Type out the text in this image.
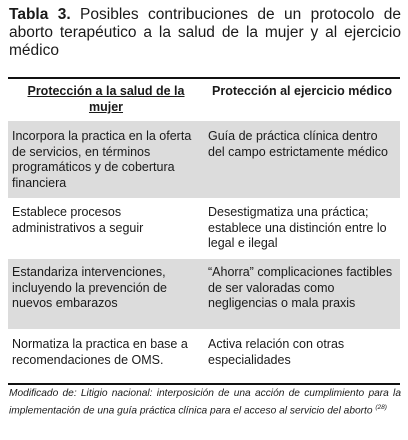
Tabla 3. Posibles contribuciones de un protocolo de aborto terapéutico a la salud de la mujer y al ejercicio médico
Protección a la salud de la mujer	Protección al ejercicio médico
Incorpora la practica en la oferta de servicios, en términos programáticos y de cobertura financiera	Guía de práctica clínica dentro del campo estrictamente médico
Establece procesos administrativos a seguir	Desestigmatiza una práctica; establece una distinción entre lo legal e ilegal
Estandariza intervenciones, incluyendo la prevención de nuevos embarazos	“Ahorra” complicaciones factibles de ser valoradas como negligencias o mala praxis
Normatiza la practica en base a recomendaciones de OMS.	Activa relación con otras especialidades
Modificado de: Litigio nacional: interposición de una acción de cumplimiento para la implementación de una guía práctica clínica para el acceso al servicio del aborto $^{(28)}$
